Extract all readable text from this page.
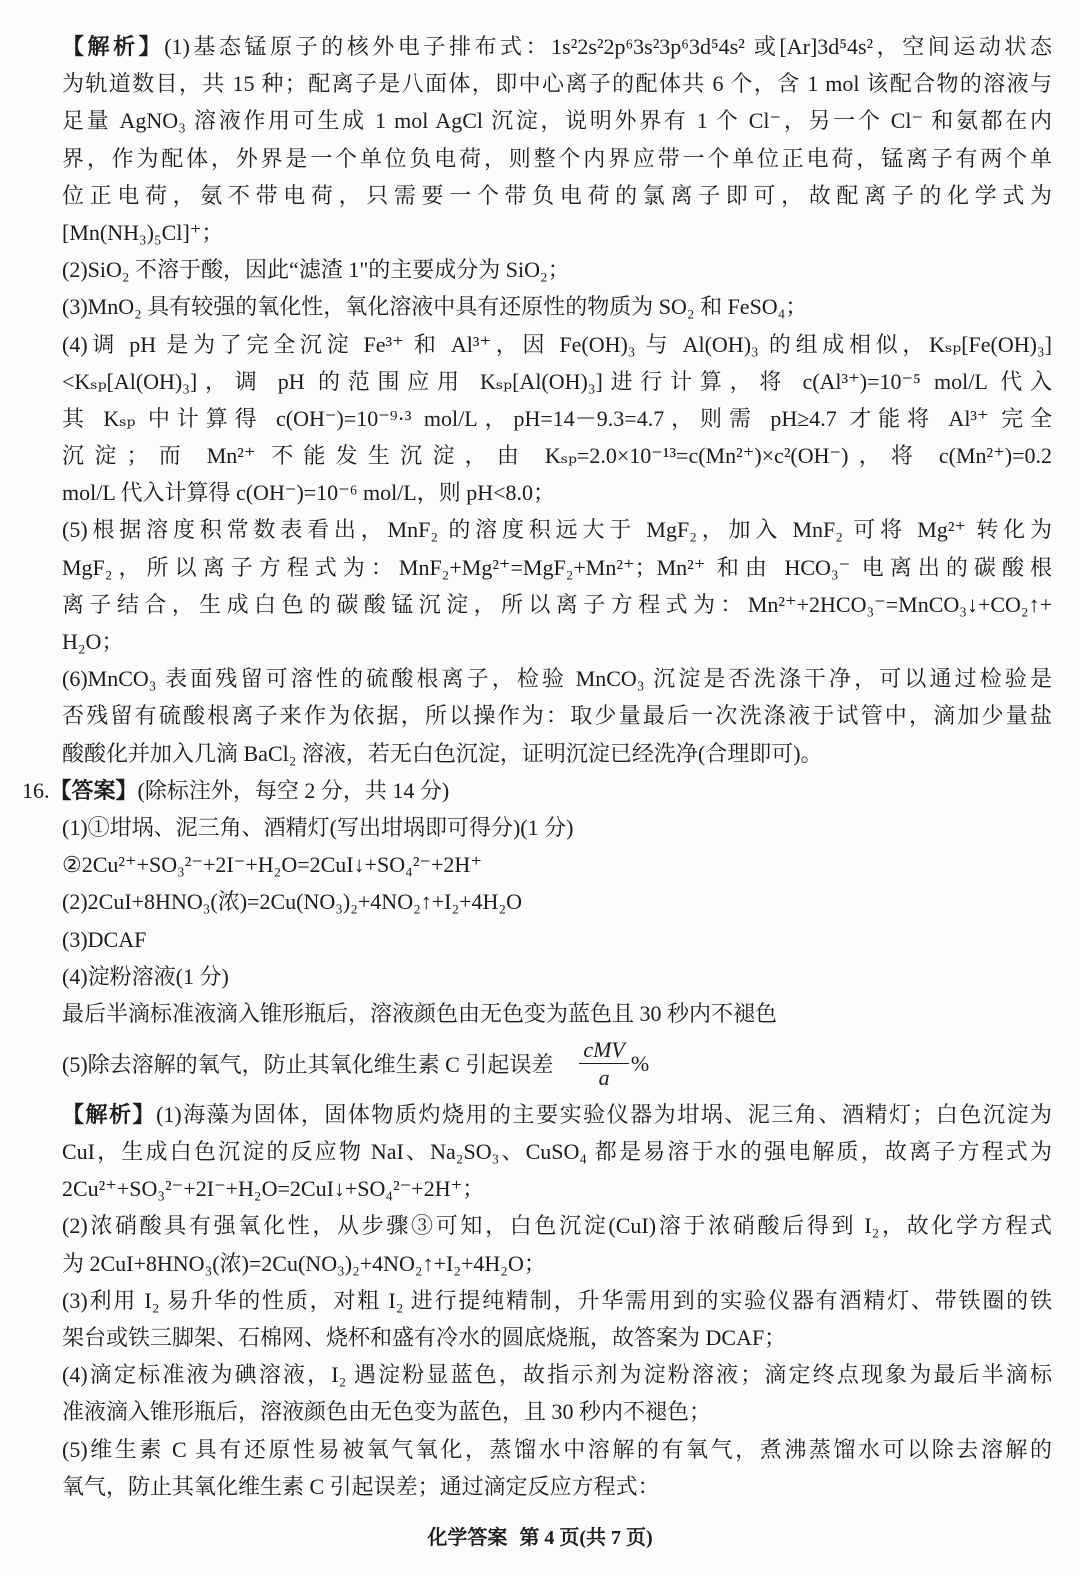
【解析】(1)基态锰原子的核外电子排布式：1s²2s²2p⁶3s²3p⁶3d⁵4s² 或[Ar]3d⁵4s²，空间运动状态
为轨道数目，共 15 种；配离子是八面体，即中心离子的配体共 6 个，含 1 mol 该配合物的溶液与
足量 AgNO₃ 溶液作用可生成 1 mol AgCl 沉淀，说明外界有 1 个 Cl⁻，另一个 Cl⁻ 和氨都在内
界，作为配体，外界是一个单位负电荷，则整个内界应带一个单位正电荷，锰离子有两个单
位正电荷，氨不带电荷，只需要一个带负电荷的氯离子即可，故配离子的化学式为
[Mn(NH₃)₅Cl]⁺；
(2)SiO₂ 不溶于酸，因此“滤渣 1"的主要成分为 SiO₂；
(3)MnO₂ 具有较强的氧化性，氧化溶液中具有还原性的物质为 SO₂ 和 FeSO₄；
(4)调 pH 是为了完全沉淀 Fe³⁺ 和 Al³⁺，因 Fe(OH)₃ 与 Al(OH)₃ 的组成相似，Kₛₚ[Fe(OH)₃]
<Kₛₚ[Al(OH)₃]，调 pH 的范围应用 Kₛₚ[Al(OH)₃]进行计算，将 c(Al³⁺)=10⁻⁵ mol/L 代入
其 Kₛₚ 中计算得 c(OH⁻)=10⁻⁹·³ mol/L，pH=14－9.3=4.7，则需 pH≥4.7 才能将 Al³⁺ 完全
沉淀；而 Mn²⁺ 不能发生沉淀，由 Kₛₚ=2.0×10⁻¹³=c(Mn²⁺)×c²(OH⁻)，将 c(Mn²⁺)=0.2
mol/L 代入计算得 c(OH⁻)=10⁻⁶ mol/L，则 pH<8.0；
(5)根据溶度积常数表看出，MnF₂ 的溶度积远大于 MgF₂，加入 MnF₂ 可将 Mg²⁺ 转化为
MgF₂，所以离子方程式为：MnF₂+Mg²⁺=MgF₂+Mn²⁺；Mn²⁺ 和由 HCO₃⁻ 电离出的碳酸根
离子结合，生成白色的碳酸锰沉淀，所以离子方程式为：Mn²⁺+2HCO₃⁻=MnCO₃↓+CO₂↑+
H₂O；
(6)MnCO₃ 表面残留可溶性的硫酸根离子，检验 MnCO₃ 沉淀是否洗涤干净，可以通过检验是
否残留有硫酸根离子来作为依据，所以操作为：取少量最后一次洗涤液于试管中，滴加少量盐
酸酸化并加入几滴 BaCl₂ 溶液，若无白色沉淀，证明沉淀已经洗净(合理即可)。
16.【答案】(除标注外，每空 2 分，共 14 分)
(1)①坩埚、泥三角、酒精灯(写出坩埚即可得分)(1 分)
②2Cu²⁺+SO₃²⁻+2I⁻+H₂O=2CuI↓+SO₄²⁻+2H⁺
(2)2CuI+8HNO₃(浓)=2Cu(NO₃)₂+4NO₂↑+I₂+4H₂O
(3)DCAF
(4)淀粉溶液(1 分)
最后半滴标准液滴入锥形瓶后，溶液颜色由无色变为蓝色且 30 秒内不褪色
(5)除去溶解的氧气，防止其氧化维生素 C 引起误差 $\frac{\text{cMV}}{a}$ %
【解析】(1)海藻为固体，固体物质灼烧用的主要实验仪器为坩埚、泥三角、酒精灯；白色沉淀为
CuI，生成白色沉淀的反应物 NaI、Na₂SO₃、CuSO₄ 都是易溶于水的强电解质，故离子方程式为
2Cu²⁺+SO₃²⁻+2I⁻+H₂O=2CuI↓+SO₄²⁻+2H⁺；
(2)浓硝酸具有强氧化性，从步骤③可知，白色沉淀(CuI)溶于浓硝酸后得到 I₂，故化学方程式
为 2CuI+8HNO₃(浓)=2Cu(NO₃)₂+4NO₂↑+I₂+4H₂O；
(3)利用 I₂ 易升华的性质，对粗 I₂ 进行提纯精制，升华需用到的实验仪器有酒精灯、带铁圈的铁
架台或铁三脚架、石棉网、烧杯和盛有冷水的圆底烧瓶，故答案为 DCAF；
(4)滴定标准液为碘溶液，I₂ 遇淀粉显蓝色，故指示剂为淀粉溶液；滴定终点现象为最后半滴标
准液滴入锥形瓶后，溶液颜色由无色变为蓝色，且 30 秒内不褪色；
(5)维生素 C 具有还原性易被氧气氧化，蒸馏水中溶解的有氧气，煮沸蒸馏水可以除去溶解的
氧气，防止其氧化维生素 C 引起误差；通过滴定反应方程式：
化学答案 第 4 页(共 7 页)
